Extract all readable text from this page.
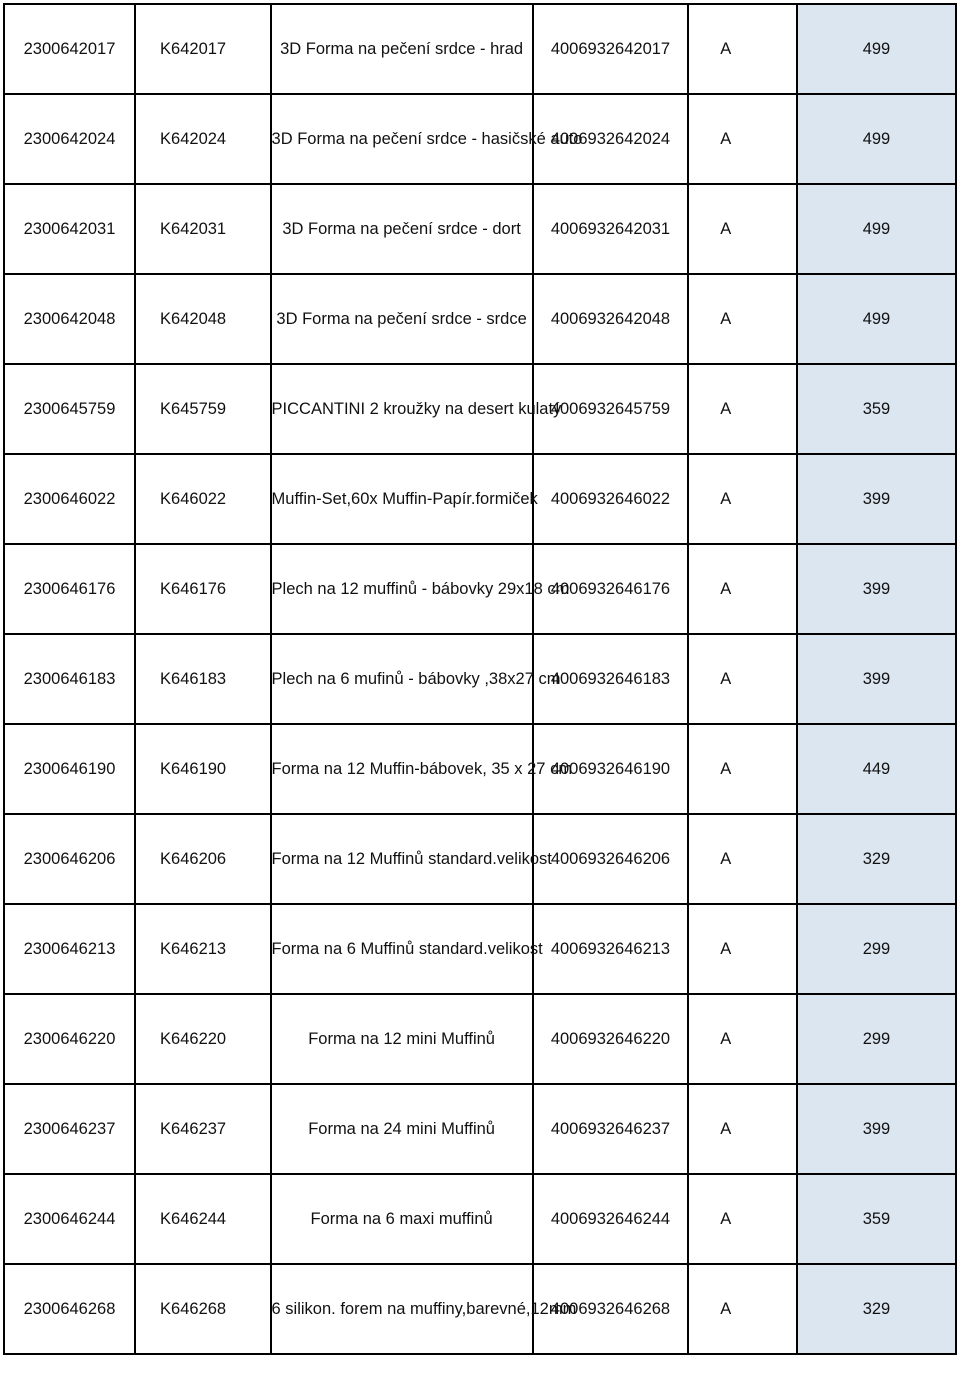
2300642017	K642017	3D Forma na pečení srdce - hrad	4006932642017	A	499
2300642024	K642024	3D Forma na pečení srdce - hasičské auto	4006932642024	A	499
2300642031	K642031	3D Forma na pečení srdce - dort	4006932642031	A	499
2300642048	K642048	3D Forma na pečení srdce - srdce	4006932642048	A	499
2300645759	K645759	PICCANTINI 2 kroužky na desert kulatý	4006932645759	A	359
2300646022	K646022	Muffin-Set,60x Muffin-Papír.formiček	4006932646022	A	399
2300646176	K646176	Plech na 12 muffinů - bábovky 29x18 cm	4006932646176	A	399
2300646183	K646183	Plech na 6 mufinů - bábovky ,38x27 cm	4006932646183	A	399
2300646190	K646190	Forma na 12 Muffin-bábovek, 35 x 27 cm	4006932646190	A	449
2300646206	K646206	Forma na 12 Muffinů standard.velikost	4006932646206	A	329
2300646213	K646213	Forma na 6 Muffinů standard.velikost	4006932646213	A	299
2300646220	K646220	Forma na 12 mini Muffinů	4006932646220	A	299
2300646237	K646237	Forma na 24 mini Muffinů	4006932646237	A	399
2300646244	K646244	Forma na 6 maxi muffinů	4006932646244	A	359
2300646268	K646268	6 silikon. forem na muffiny,barevné,12mm	4006932646268	A	329
